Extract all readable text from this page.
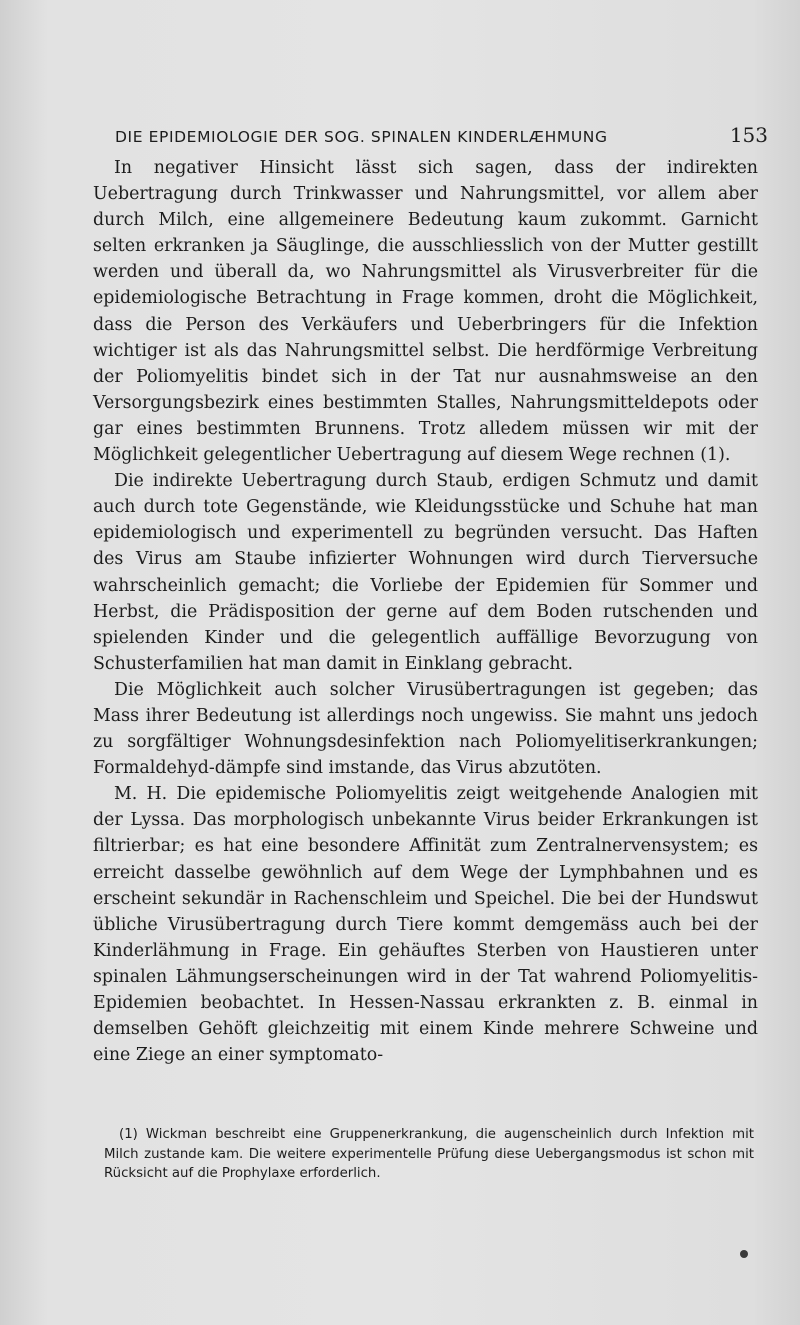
DIE EPIDEMIOLOGIE DER SOG. SPINALEN KINDERLÆHMUNG	153

In negativer Hinsicht lässt sich sagen, dass der indirekten Uebertragung durch Trinkwasser und Nahrungsmittel, vor allem aber durch Milch, eine allgemeinere Bedeutung kaum zukommt. Garnicht selten erkranken ja Säuglinge, die ausschliesslich von der Mutter gestillt werden und überall da, wo Nahrungsmittel als Virusverbreiter für die epidemiologische Betrachtung in Frage kommen, droht die Möglichkeit, dass die Person des Verkäufers und Ueberbringers für die Infektion wichtiger ist als das Nahrungsmittel selbst. Die herdförmige Verbreitung der Poliomyelitis bindet sich in der Tat nur ausnahmsweise an den Versorgungsbezirk eines bestimmten Stalles, Nahrungsmitteldepots oder gar eines bestimmten Brunnens. Trotz alledem müssen wir mit der Möglichkeit gelegentlicher Uebertragung auf diesem Wege rechnen (1).

Die indirekte Uebertragung durch Staub, erdigen Schmutz und damit auch durch tote Gegenstände, wie Kleidungsstücke und Schuhe hat man epidemiologisch und experimentell zu begründen versucht. Das Haften des Virus am Staube infizierter Wohnungen wird durch Tierversuche wahrscheinlich gemacht; die Vorliebe der Epidemien für Sommer und Herbst, die Prädisposition der gerne auf dem Boden rutschenden und spielenden Kinder und die gelegentlich auffällige Bevorzugung von Schusterfamilien hat man damit in Einklang gebracht.

Die Möglichkeit auch solcher Virusübertragungen ist gegeben; das Mass ihrer Bedeutung ist allerdings noch ungewiss. Sie mahnt uns jedoch zu sorgfältiger Wohnungsdesinfektion nach Poliomyelitiserkrankungen; Formaldehyd-dämpfe sind imstande, das Virus abzutöten.

M. H. Die epidemische Poliomyelitis zeigt weitgehende Analogien mit der Lyssa. Das morphologisch unbekannte Virus beider Erkrankungen ist filtrierbar; es hat eine besondere Affinität zum Zentralnervensystem; es erreicht dasselbe gewöhnlich auf dem Wege der Lymphbahnen und es erscheint sekundär in Rachenschleim und Speichel. Die bei der Hundswut übliche Virusübertragung durch Tiere kommt demgemäss auch bei der Kinderlähmung in Frage. Ein gehäuftes Sterben von Haustieren unter spinalen Lähmungserscheinungen wird in der Tat wahrend Poliomyelitis-Epidemien beobachtet. In Hessen-Nassau erkrankten z. B. einmal in demselben Gehöft gleichzeitig mit einem Kinde mehrere Schweine und eine Ziege an einer symptomato-

(1) Wickman beschreibt eine Gruppenerkrankung, die augenscheinlich durch Infektion mit Milch zustande kam. Die weitere experimentelle Prüfung diese Uebergangsmodus ist schon mit Rücksicht auf die Prophylaxe erforderlich.
